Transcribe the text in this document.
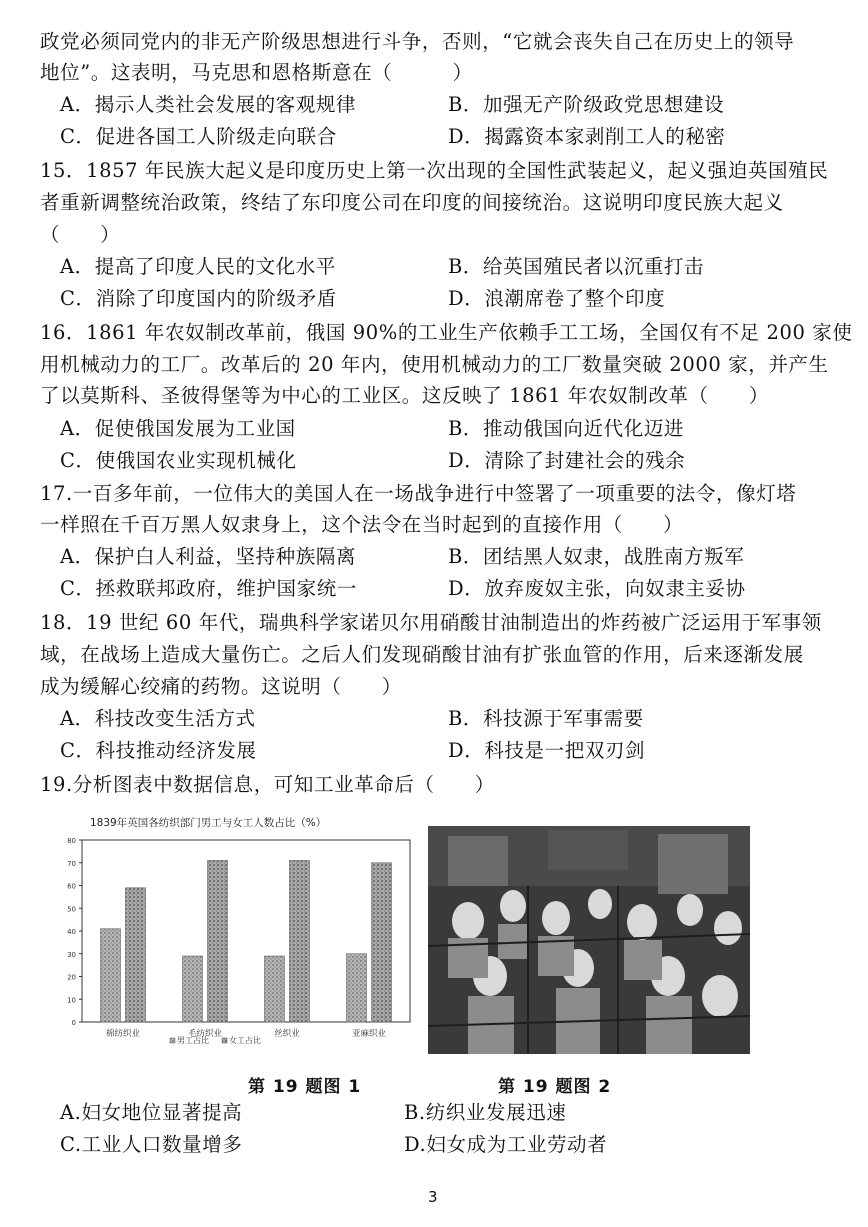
政党必须同党内的非无产阶级思想进行斗争，否则，“它就会丧失自己在历史上的领导
地位”。这表明，马克思和恩格斯意在（　　　）
A．揭示人类社会发展的客观规律	B．加强无产阶级政党思想建设
C．促进各国工人阶级走向联合	D．揭露资本家剥削工人的秘密
15．1857 年民族大起义是印度历史上第一次出现的全国性武装起义，起义强迫英国殖民
者重新调整统治政策，终结了东印度公司在印度的间接统治。这说明印度民族大起义
（　　）
A．提高了印度人民的文化水平	B．给英国殖民者以沉重打击
C．消除了印度国内的阶级矛盾	D．浪潮席卷了整个印度
16．1861 年农奴制改革前，俄国 90%的工业生产依赖手工工场，全国仅有不足 200 家使
用机械动力的工厂。改革后的 20 年内，使用机械动力的工厂数量突破 2000 家，并产生
了以莫斯科、圣彼得堡等为中心的工业区。这反映了 1861 年农奴制改革（　　）
A．促使俄国发展为工业国	B．推动俄国向近代化迈进
C．使俄国农业实现机械化	D．清除了封建社会的残余
17.一百多年前，一位伟大的美国人在一场战争进行中签署了一项重要的法令，像灯塔
一样照在千百万黑人奴隶身上，这个法令在当时起到的直接作用（　　）
A．保护白人利益，坚持种族隔离	B．团结黑人奴隶，战胜南方叛军
C．拯救联邦政府，维护国家统一	D．放弃废奴主张，向奴隶主妥协
18．19 世纪 60 年代，瑞典科学家诺贝尔用硝酸甘油制造出的炸药被广泛运用于军事领
域，在战场上造成大量伤亡。之后人们发现硝酸甘油有扩张血管的作用，后来逐渐发展
成为缓解心绞痛的药物。这说明（　　）
A．科技改变生活方式	B．科技源于军事需要
C．科技推动经济发展	D．科技是一把双刃剑
19.分析图表中数据信息，可知工业革命后（　　）
1839年英国各纺织部门男工与女工人数占比（%）
0
10
20
30
40
50
60
70
80
棉纺织业	毛纺织业	丝织业	亚麻织业
男工占比	女工占比
第 19 题图 1	第 19 题图 2
A.妇女地位显著提高	B.纺织业发展迅速
C.工业人口数量增多	D.妇女成为工业劳动者
3
